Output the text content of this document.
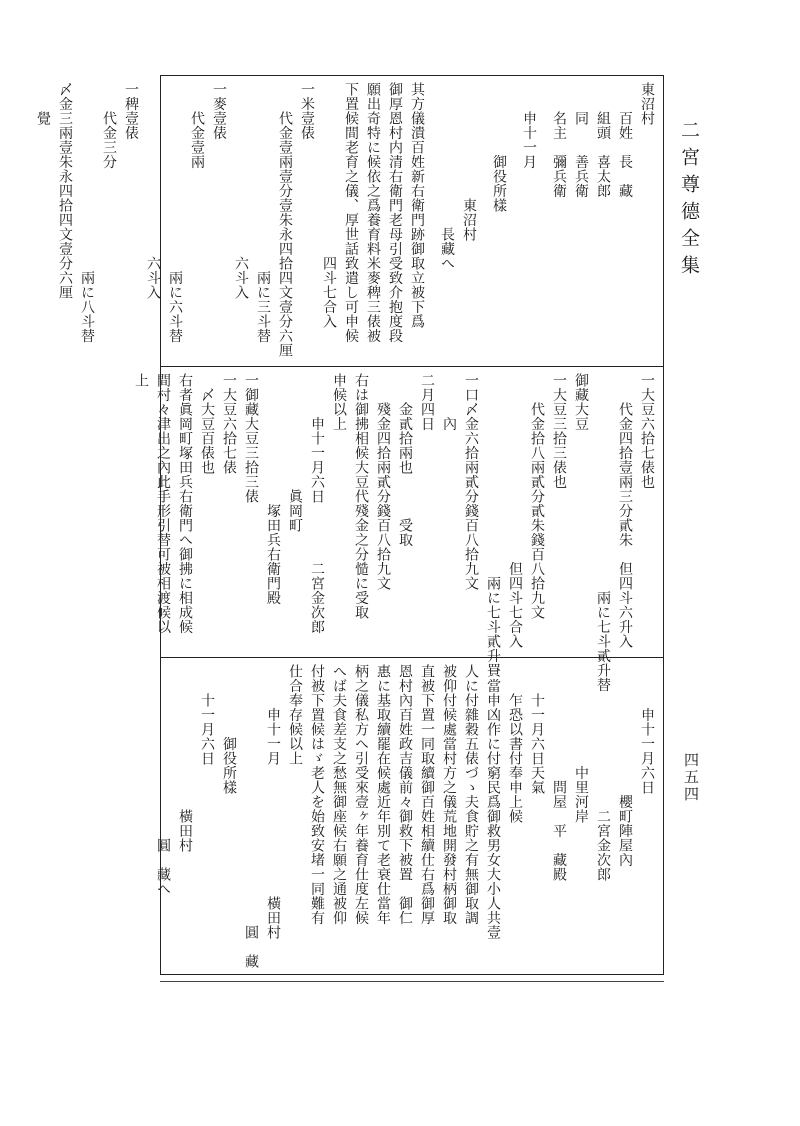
二宮尊德全集
四五四
東沼村
　　百姓　長　藏
　　組頭　喜太郎
　　同　　善兵衛
　　名主　彌兵衛
　　申十一月
　　　　　御役所樣
　　　　　　　　東沼村
　　　　　　　　　　長藏へ
其方儀潰百姓新右衛門跡御取立被下爲
御厚恩村内清右衛門老母引受致介抱度段
願出奇特に候依之爲養育料米麥稗三俵被
下置候間老育之儀、厚世話致遣し可申候
　　　　　　　　　　　　四斗七合入
一米壹俵
　　代金壹兩壹分壹朱永四拾四文壹分六厘
　　　　　　　　　　　　　兩に三斗替
　　　　　　　　　　　　六斗入
一麥壹俵
　　代金壹兩
　　　　　　　　　　　　　兩に六斗替
　　　　　　　　　　　　六斗入
一稗壹俵
　　代金三分
　　　　　　　　　　　　　兩に八斗替
〆金三兩壹朱永四拾四文壹分六厘
　　覺
一大豆六拾七俵也
　　代金四拾壹兩三分貳朱　但四斗六升入
　　　　　　　　　　　　　　　兩に七斗貳升替
御藏大豆
一大豆三拾三俵也
　　代金拾八兩貳分貳朱錢百八拾九文
　　　　　　　　　　　　　但四斗七合入
　　　　　　　　　　　　　　兩に七斗貳升買
一口〆金六拾兩貳分錢百八拾九文
　　　內
二月四日
　　金貳拾兩也　　　受取
　　殘金四拾兩貳分錢百八拾九文
右は御拂相候大豆代殘金之分慥に受取
申候以上
　　　申十一月六日　　　　二宮金次郎
　　　　　　　　眞岡町
　　　　　　　　　塚田兵右衛門殿
一御藏大豆三拾三俵
一大豆六拾七俵
　〆大豆百俵也
右者眞岡町塚田兵右衛門へ御拂に相成候
間村々津出之內此手形引替可被相渡候以
上
　　　申十一月六日
　　　　　　　　　櫻町陣屋內
　　　　　　　　　　二宮金次郎
　　　　　　　中里河岸
　　　　　　　　問屋　平　藏殿
　　十一月六日天氣
　　乍恐以書付奉申上候
一當申凶作に付窮民爲御救男女大小人共壹
人に付雜穀五俵づゝ夫食貯之有無御取調
被仰付候處當村方之儀荒地開發村柄御取
直被下置一同取續御百姓相續仕右爲御厚
恩村內百姓政吉儀前々御救下被置　御仁
惠に基取續罷在候處近年別て老衰仕當年
柄之儀私方へ引受來壹ヶ年養育仕度左候
へば夫食差支之愁無御座候右願之通被仰
付被下置候はゞ老人を始致安堵一同難有
仕合奉存候以上
　　　申十一月　　　　　　　　　橫田村
　　　　　　　　　　　　　　　　　　圓　藏
　　　　　御役所樣
　　十一月六日
　　　　　　　　　　橫田村
　　　　　　　　　　　　圓　藏へ
